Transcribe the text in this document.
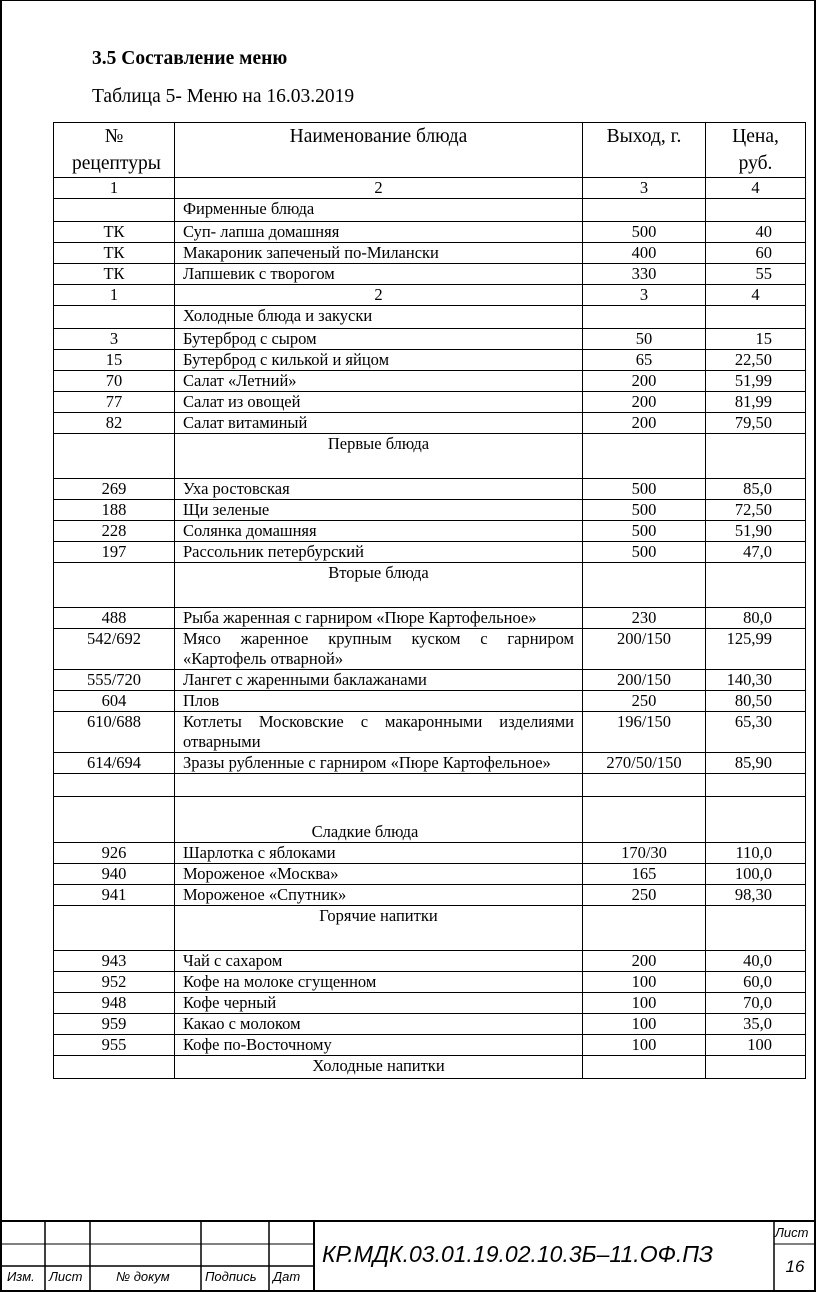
3.5 Составление меню
Таблица 5- Меню на 16.03.2019
№ рецептуры	Наименование блюда	Выход, г.	Цена, руб.
1	2	3	4
	Фирменные блюда		
ТК	Суп- лапша домашняя	500	40
ТК	Макароник запеченый по-Милански	400	60
ТК	Лапшевик с творогом	330	55
1	2	3	4
	Холодные блюда и закуски		
3	Бутерброд с сыром	50	15
15	Бутерброд с килькой и яйцом	65	22,50
70	Салат «Летний»	200	51,99
77	Салат из овощей	200	81,99
82	Салат витаминый	200	79,50
	Первые блюда		
269	Уха ростовская	500	85,0
188	Щи зеленые	500	72,50
228	Солянка домашняя	500	51,90
197	Рассольник петербурский	500	47,0
	Вторые блюда		
488	Рыба жаренная с гарниром «Пюре Картофельное»	230	80,0
542/692	Мясо жаренное крупным куском с гарниром «Картофель отварной»	200/150	125,99
555/720	Лангет с жаренными баклажанами	200/150	140,30
604	Плов	250	80,50
610/688	Котлеты Московские с макаронными изделиями отварными	196/150	65,30
614/694	Зразы рубленные с гарниром «Пюре Картофельное»	270/50/150	85,90

	Сладкие блюда		
926	Шарлотка с яблоками	170/30	110,0
940	Мороженое «Москва»	165	100,0
941	Мороженое «Спутник»	250	98,30
	Горячие напитки		
943	Чай с сахаром	200	40,0
952	Кофе на молоке сгущенном	100	60,0
948	Кофе черный	100	70,0
959	Какао с молоком	100	35,0
955	Кофе по-Восточному	100	100
	Холодные напитки		
Изм. Лист	№ докум	Подпись Дат
КР.МДК.03.01.19.02.10.3Б–11.ОФ.ПЗ
Лист
16
